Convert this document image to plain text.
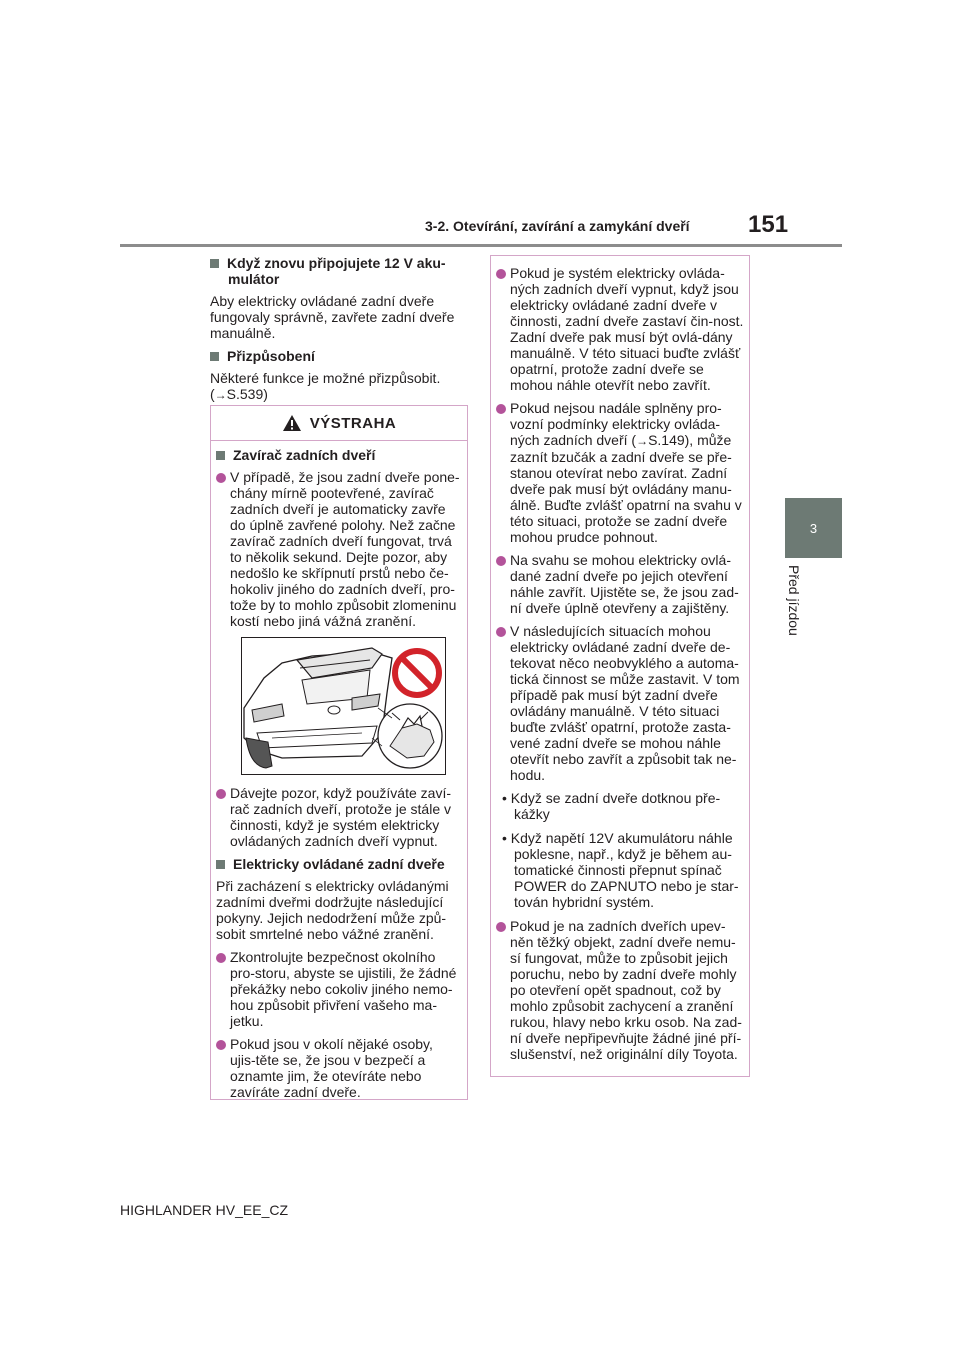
3-2. Otevírání, zavírání a zamykání dveří 151
3
Před jízdou
Když znovu připojujete 12 V aku-mulátor
Aby elektricky ovládané zadní dveře fungovaly správně, zavřete zadní dveře manuálně.
Přizpůsobení
Některé funkce je možné přizpůsobit. (→S.539)
VÝSTRAHA
Zavírač zadních dveří
V případě, že jsou zadní dveře pone-chány mírně pootevřené, zavírač zadních dveří je automaticky zavře do úplně zavřené polohy. Než začne zavírač zadních dveří fungovat, trvá to několik sekund. Dejte pozor, aby nedošlo ke skřípnutí prstů nebo če-hokoliv jiného do zadních dveří, pro-tože by to mohlo způsobit zlomeninu kostí nebo jiná vážná zranění.
Dávejte pozor, když používáte zaví-rač zadních dveří, protože je stále v činnosti, když je systém elektricky ovládaných zadních dveří vypnut.
Elektricky ovládané zadní dveře
Při zacházení s elektricky ovládanými zadními dveřmi dodržujte následující pokyny. Jejich nedodržení může způ-sobit smrtelné nebo vážné zranění.
Zkontrolujte bezpečnost okolního pro-storu, abyste se ujistili, že žádné překážky nebo cokoliv jiného nemo-hou způsobit přivření vašeho ma-jetku.
Pokud jsou v okolí nějaké osoby, ujis-těte se, že jsou v bezpečí a oznamte jim, že otevíráte nebo zavíráte zadní dveře.
Pokud je systém elektricky ovláda-ných zadních dveří vypnut, když jsou elektricky ovládané zadní dveře v činnosti, zadní dveře zastaví čin-nost. Zadní dveře pak musí být ovlá-dány manuálně. V této situaci buďte zvlášť opatrní, protože zadní dveře se mohou náhle otevřít nebo zavřít.
Pokud nejsou nadále splněny pro-vozní podmínky elektricky ovláda-ných zadních dveří (→S.149), může zaznít bzučák a zadní dveře se pře-stanou otevírat nebo zavírat. Zadní dveře pak musí být ovládány manu-álně. Buďte zvlášť opatrní na svahu v této situaci, protože se zadní dveře mohou prudce pohnout.
Na svahu se mohou elektricky ovlá-dané zadní dveře po jejich otevření náhle zavřít. Ujistěte se, že jsou zad-ní dveře úplně otevřeny a zajištěny.
V následujících situacích mohou elektricky ovládané zadní dveře de-tekovat něco neobvyklého a automa-tická činnost se může zastavit. V tom případě pak musí být zadní dveře ovládány manuálně. V této situaci buďte zvlášť opatrní, protože zasta-vené zadní dveře se mohou náhle otevřít nebo zavřít a způsobit tak ne-hodu.
• Když se zadní dveře dotknou pře-kážky
• Když napětí 12V akumulátoru náhle poklesne, např., když je během au-tomatické činnosti přepnut spínač POWER do ZAPNUTO nebo je star-tován hybridní systém.
Pokud je na zadních dveřích upev-něn těžký objekt, zadní dveře nemu-sí fungovat, může to způsobit jejich poruchu, nebo by zadní dveře mohly po otevření opět spadnout, což by mohlo způsobit zachycení a zranění rukou, hlavy nebo krku osob. Na zad-ní dveře nepřipevňujte žádné jiné pří-slušenství, než originální díly Toyota.
HIGHLANDER HV_EE_CZ
